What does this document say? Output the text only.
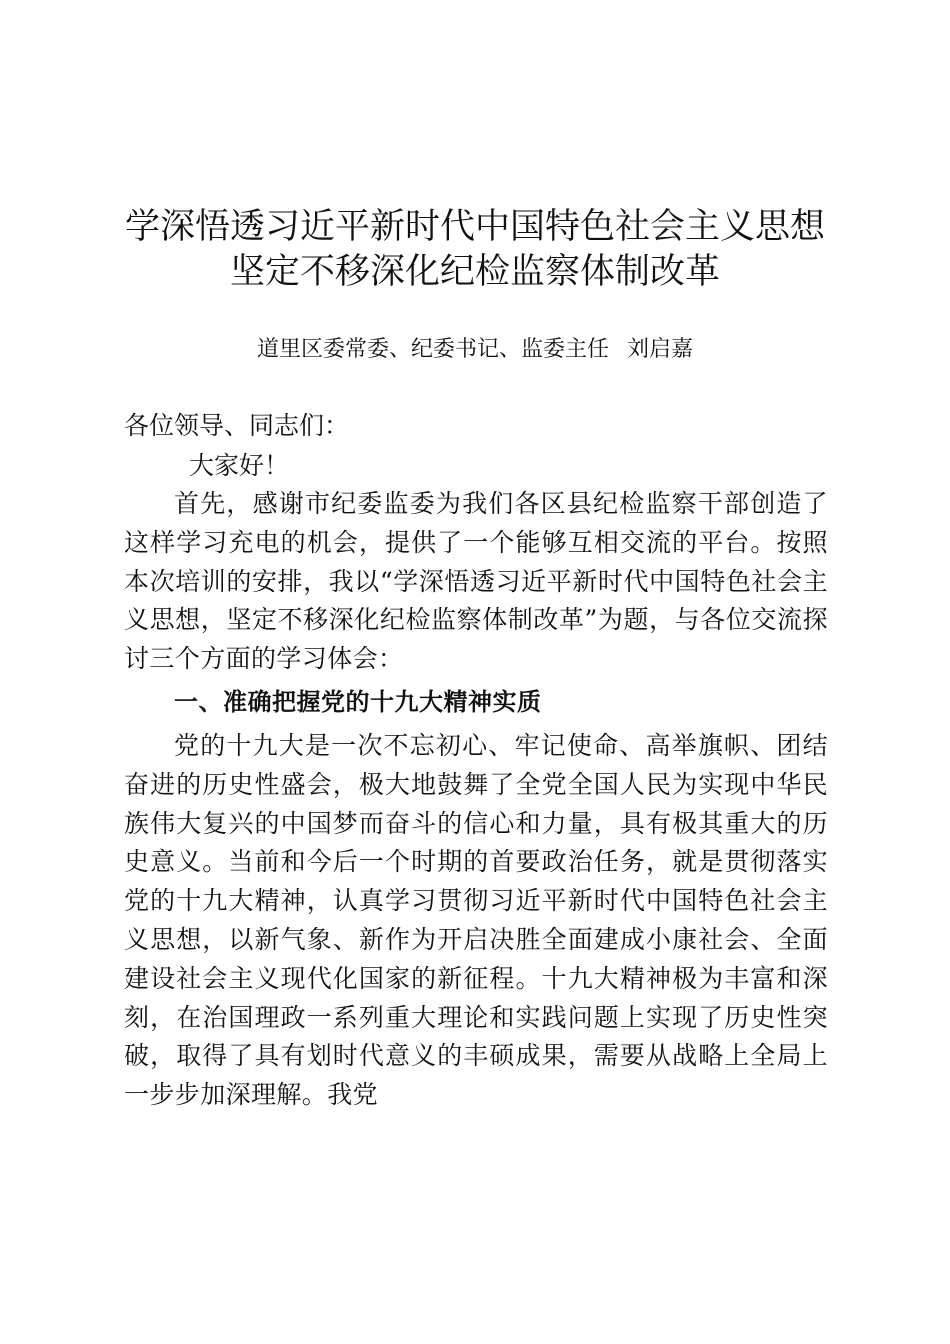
学深悟透习近平新时代中国特色社会主义思想
坚定不移深化纪检监察体制改革
道里区委常委、纪委书记、监委主任 刘启嘉
各位领导、同志们：
大家好！

首先，感谢市纪委监委为我们各区县纪检监察干部创造了这样学习充电的机会，提供了一个能够互相交流的平台。按照本次培训的安排，我以“学深悟透习近平新时代中国特色社会主义思想，坚定不移深化纪检监察体制改革”为题，与各位交流探讨三个方面的学习体会：

一、准确把握党的十九大精神实质

党的十九大是一次不忘初心、牢记使命、高举旗帜、团结奋进的历史性盛会，极大地鼓舞了全党全国人民为实现中华民族伟大复兴的中国梦而奋斗的信心和力量，具有极其重大的历史意义。当前和今后一个时期的首要政治任务，就是贯彻落实党的十九大精神，认真学习贯彻习近平新时代中国特色社会主义思想，以新气象、新作为开启决胜全面建成小康社会、全面建设社会主义现代化国家的新征程。十九大精神极为丰富和深刻，在治国理政一系列重大理论和实践问题上实现了历史性突破，取得了具有划时代意义的丰硕成果，需要从战略上全局上一步步加深理解。我党
